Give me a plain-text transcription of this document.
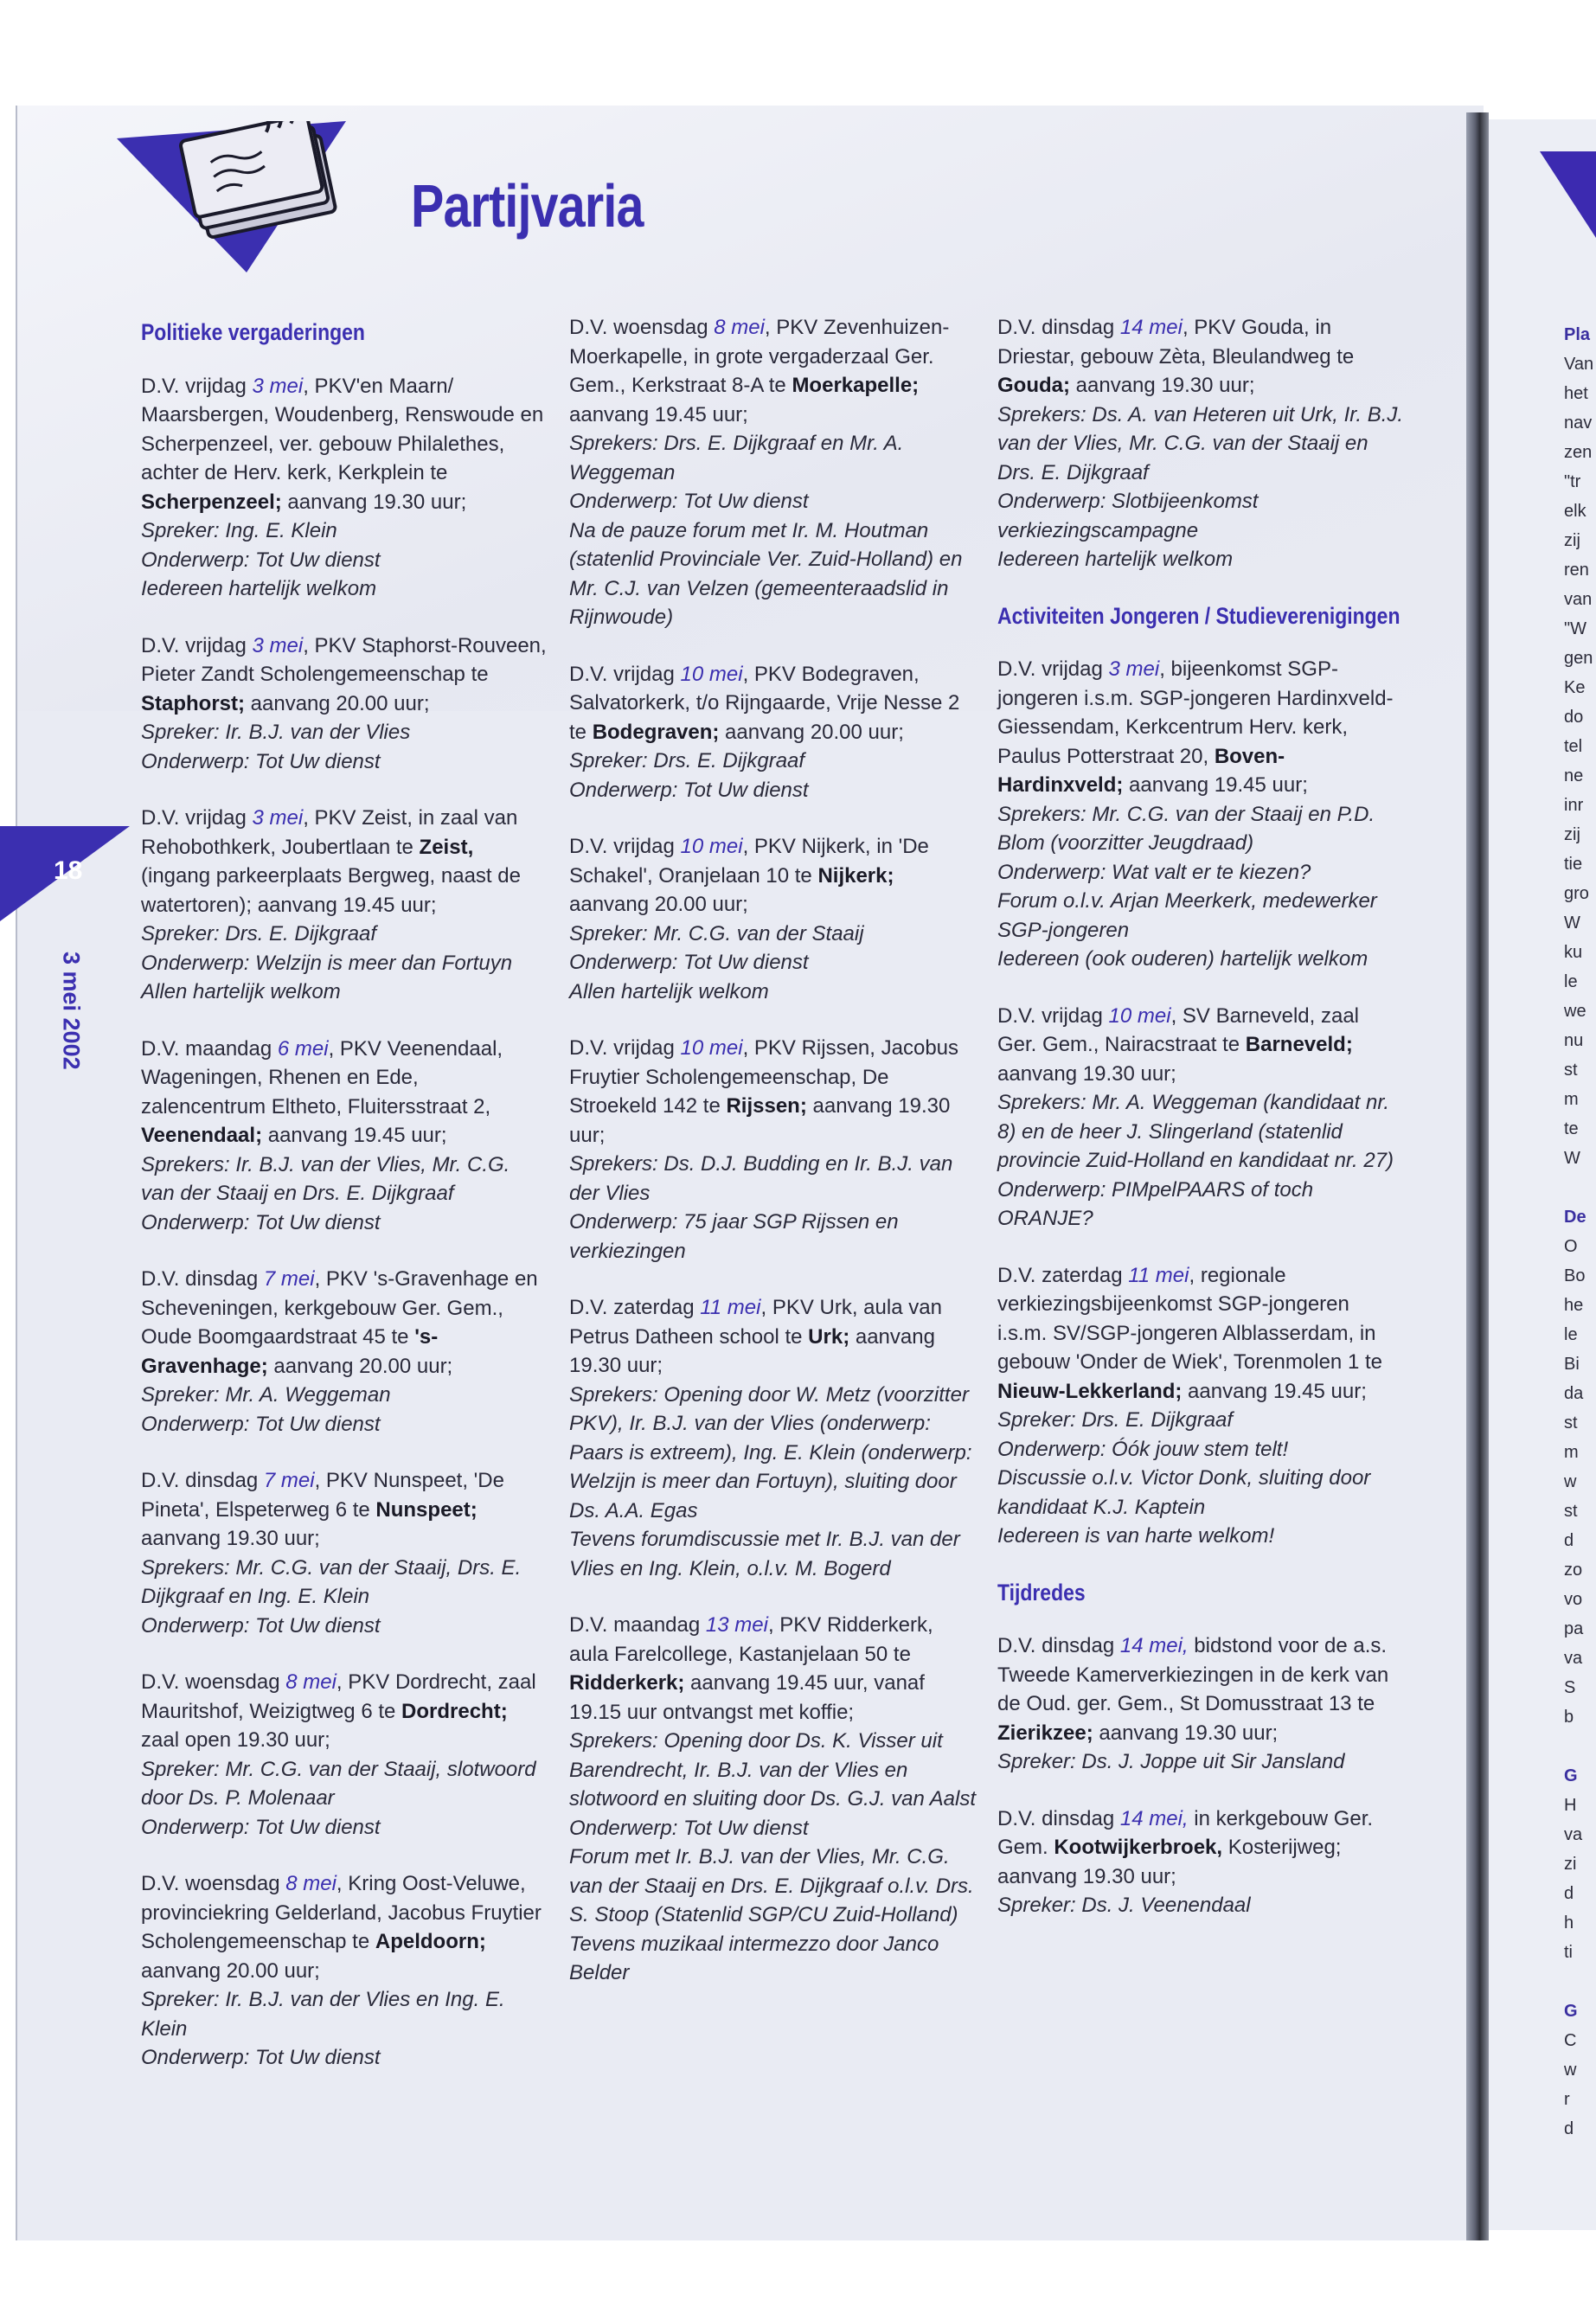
Pla
Van
het
nav
zen
"tr
elk
zij
ren
van
"W
gen
Ke
do
tel
ne
inr
zij
tie
gro
W
ku
le
we
nu
st
m
te
W
De
O
Bo
he
le
Bi
da
st
m
w
st
d
zo
vo
pa
va
S
b
G
H
va
zi
d
h
ti
G
C
w
r
d
Partijvaria
18
3 mei 2002
Politieke vergaderingen

D.V. vrijdag 3 mei, PKV'en Maarn/ Maarsbergen, Woudenberg, Renswoude en Scherpenzeel, ver. gebouw Philalethes, achter de Herv. kerk, Kerkplein te Scherpenzeel; aanvang 19.30 uur;

Spreker: Ing. E. Klein

Onderwerp: Tot Uw dienst

Iedereen hartelijk welkom

D.V. vrijdag 3 mei, PKV Staphorst-Rouveen, Pieter Zandt Scholengemeenschap te Staphorst; aanvang 20.00 uur;

Spreker: Ir. B.J. van der Vlies

Onderwerp: Tot Uw dienst

D.V. vrijdag 3 mei, PKV Zeist, in zaal van Rehobothkerk, Joubertlaan te Zeist, (ingang parkeerplaats Bergweg, naast de watertoren); aanvang 19.45 uur;

Spreker: Drs. E. Dijkgraaf

Onderwerp: Welzijn is meer dan Fortuyn

Allen hartelijk welkom

D.V. maandag 6 mei, PKV Veenendaal, Wageningen, Rhenen en Ede, zalencentrum Eltheto, Fluitersstraat 2, Veenendaal; aanvang 19.45 uur;

Sprekers: Ir. B.J. van der Vlies, Mr. C.G. van der Staaij en Drs. E. Dijkgraaf

Onderwerp: Tot Uw dienst

D.V. dinsdag 7 mei, PKV 's-Gravenhage en Scheveningen, kerkgebouw Ger. Gem., Oude Boomgaardstraat 45 te 's-Gravenhage; aanvang 20.00 uur;

Spreker: Mr. A. Weggeman

Onderwerp: Tot Uw dienst

D.V. dinsdag 7 mei, PKV Nunspeet, 'De Pineta', Elspeterweg 6 te Nunspeet; aanvang 19.30 uur;

Sprekers: Mr. C.G. van der Staaij, Drs. E. Dijkgraaf en Ing. E. Klein

Onderwerp: Tot Uw dienst

D.V. woensdag 8 mei, PKV Dordrecht, zaal Mauritshof, Weizigtweg 6 te Dordrecht; zaal open 19.30 uur;

Spreker: Mr. C.G. van der Staaij, slotwoord door Ds. P. Molenaar

Onderwerp: Tot Uw dienst

D.V. woensdag 8 mei, Kring Oost-Veluwe, provinciekring Gelderland, Jacobus Fruytier Scholengemeenschap te Apeldoorn; aanvang 20.00 uur;

Spreker: Ir. B.J. van der Vlies en Ing. E. Klein

Onderwerp: Tot Uw dienst

D.V. woensdag 8 mei, PKV Zevenhuizen-Moerkapelle, in grote vergaderzaal Ger. Gem., Kerkstraat 8-A te Moerkapelle; aanvang 19.45 uur;

Sprekers: Drs. E. Dijkgraaf en Mr. A. Weggeman

Onderwerp: Tot Uw dienst

Na de pauze forum met Ir. M. Houtman (statenlid Provinciale Ver. Zuid-Holland) en Mr. C.J. van Velzen (gemeenteraadslid in Rijnwoude)

D.V. vrijdag 10 mei, PKV Bodegraven, Salvatorkerk, t/o Rijngaarde, Vrije Nesse 2 te Bodegraven; aanvang 20.00 uur;

Spreker: Drs. E. Dijkgraaf

Onderwerp: Tot Uw dienst

D.V. vrijdag 10 mei, PKV Nijkerk, in 'De Schakel', Oranjelaan 10 te Nijkerk; aanvang 20.00 uur;

Spreker: Mr. C.G. van der Staaij

Onderwerp: Tot Uw dienst

Allen hartelijk welkom

D.V. vrijdag 10 mei, PKV Rijssen, Jacobus Fruytier Scholengemeenschap, De Stroekeld 142 te Rijssen; aanvang 19.30 uur;

Sprekers: Ds. D.J. Budding en Ir. B.J. van der Vlies

Onderwerp: 75 jaar SGP Rijssen en verkiezingen

D.V. zaterdag 11 mei, PKV Urk, aula van Petrus Datheen school te Urk; aanvang 19.30 uur;

Sprekers: Opening door W. Metz (voorzitter PKV), Ir. B.J. van der Vlies (onderwerp: Paars is extreem), Ing. E. Klein (onderwerp: Welzijn is meer dan Fortuyn), sluiting door Ds. A.A. Egas

Tevens forumdiscussie met Ir. B.J. van der Vlies en Ing. Klein, o.l.v. M. Bogerd

D.V. maandag 13 mei, PKV Ridderkerk, aula Farelcollege, Kastanjelaan 50 te Ridderkerk; aanvang 19.45 uur, vanaf 19.15 uur ontvangst met koffie;

Sprekers: Opening door Ds. K. Visser uit Barendrecht, Ir. B.J. van der Vlies en slotwoord en sluiting door Ds. G.J. van Aalst

Onderwerp: Tot Uw dienst

Forum met Ir. B.J. van der Vlies, Mr. C.G. van der Staaij en Drs. E. Dijkgraaf o.l.v. Drs. S. Stoop (Statenlid SGP/CU Zuid-Holland)

Tevens muzikaal intermezzo door Janco Belder

D.V. dinsdag 14 mei, PKV Gouda, in Driestar, gebouw Zèta, Bleulandweg te Gouda; aanvang 19.30 uur;

Sprekers: Ds. A. van Heteren uit Urk, Ir. B.J. van der Vlies, Mr. C.G. van der Staaij en Drs. E. Dijkgraaf

Onderwerp: Slotbijeenkomst verkiezingscampagne

Iedereen hartelijk welkom

Activiteiten Jongeren / Studieverenigingen

D.V. vrijdag 3 mei, bijeenkomst SGP-jongeren i.s.m. SGP-jongeren Hardinxveld-Giessendam, Kerkcentrum Herv. kerk, Paulus Potterstraat 20, Boven-Hardinxveld; aanvang 19.45 uur;

Sprekers: Mr. C.G. van der Staaij en P.D. Blom (voorzitter Jeugdraad)

Onderwerp: Wat valt er te kiezen?

Forum o.l.v. Arjan Meerkerk, medewerker SGP-jongeren

Iedereen (ook ouderen) hartelijk welkom

D.V. vrijdag 10 mei, SV Barneveld, zaal Ger. Gem., Nairacstraat te Barneveld; aanvang 19.30 uur;

Sprekers: Mr. A. Weggeman (kandidaat nr. 8) en de heer J. Slingerland (statenlid provincie Zuid-Holland en kandidaat nr. 27)

Onderwerp: PIMpelPAARS of toch ORANJE?

D.V. zaterdag 11 mei, regionale verkiezingsbijeenkomst SGP-jongeren i.s.m. SV/SGP-jongeren Alblasserdam, in gebouw 'Onder de Wiek', Torenmolen 1 te Nieuw-Lekkerland; aanvang 19.45 uur;

Spreker: Drs. E. Dijkgraaf

Onderwerp: Óók jouw stem telt!

Discussie o.l.v. Victor Donk, sluiting door kandidaat K.J. Kaptein

Iedereen is van harte welkom!

Tijdredes

D.V. dinsdag 14 mei, bidstond voor de a.s. Tweede Kamerverkiezingen in de kerk van de Oud. ger. Gem., St Domusstraat 13 te Zierikzee; aanvang 19.30 uur;

Spreker: Ds. J. Joppe uit Sir Jansland

D.V. dinsdag 14 mei, in kerkgebouw Ger. Gem. Kootwijkerbroek, Kosterijweg; aanvang 19.30 uur;

Spreker: Ds. J. Veenendaal
